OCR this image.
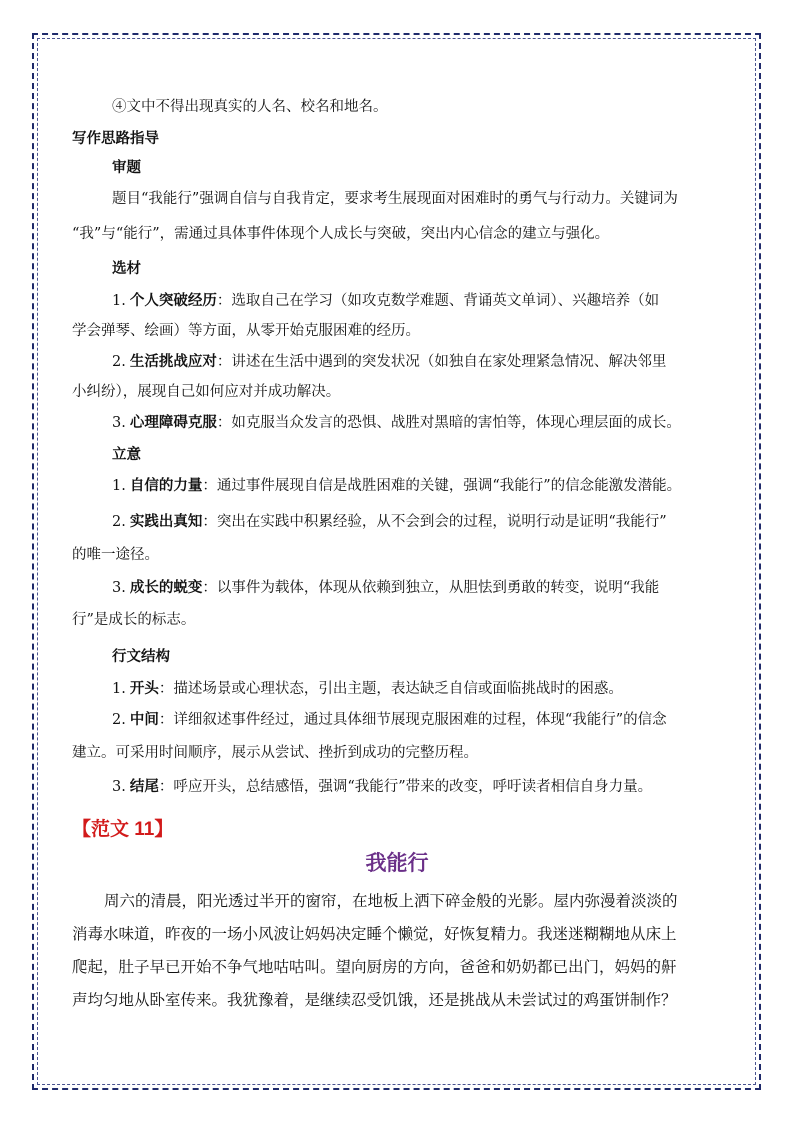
④文中不得出现真实的人名、校名和地名。
写作思路指导
审题
题目“我能行”强调自信与自我肯定，要求考生展现面对困难时的勇气与行动力。关键词为
“我”与“能行”，需通过具体事件体现个人成长与突破，突出内心信念的建立与强化。
选材
1. 个人突破经历：选取自己在学习（如攻克数学难题、背诵英文单词）、兴趣培养（如
学会弹琴、绘画）等方面，从零开始克服困难的经历。
2. 生活挑战应对：讲述在生活中遇到的突发状况（如独自在家处理紧急情况、解决邻里
小纠纷），展现自己如何应对并成功解决。
3. 心理障碍克服：如克服当众发言的恐惧、战胜对黑暗的害怕等，体现心理层面的成长。
立意
1. 自信的力量：通过事件展现自信是战胜困难的关键，强调“我能行”的信念能激发潜能。
2. 实践出真知：突出在实践中积累经验，从不会到会的过程，说明行动是证明“我能行”
的唯一途径。
3. 成长的蜕变：以事件为载体，体现从依赖到独立，从胆怯到勇敢的转变，说明“我能
行”是成长的标志。
行文结构
1. 开头：描述场景或心理状态，引出主题，表达缺乏自信或面临挑战时的困惑。
2. 中间：详细叙述事件经过，通过具体细节展现克服困难的过程，体现“我能行”的信念
建立。可采用时间顺序，展示从尝试、挫折到成功的完整历程。
3. 结尾：呼应开头，总结感悟，强调“我能行”带来的改变，呼吁读者相信自身力量。
【范文 11】
我能行
周六的清晨，阳光透过半开的窗帘，在地板上洒下碎金般的光影。屋内弥漫着淡淡的
消毒水味道，昨夜的一场小风波让妈妈决定睡个懒觉，好恢复精力。我迷迷糊糊地从床上
爬起，肚子早已开始不争气地咕咕叫。望向厨房的方向，爸爸和奶奶都已出门，妈妈的鼾
声均匀地从卧室传来。我犹豫着，是继续忍受饥饿，还是挑战从未尝试过的鸡蛋饼制作？
